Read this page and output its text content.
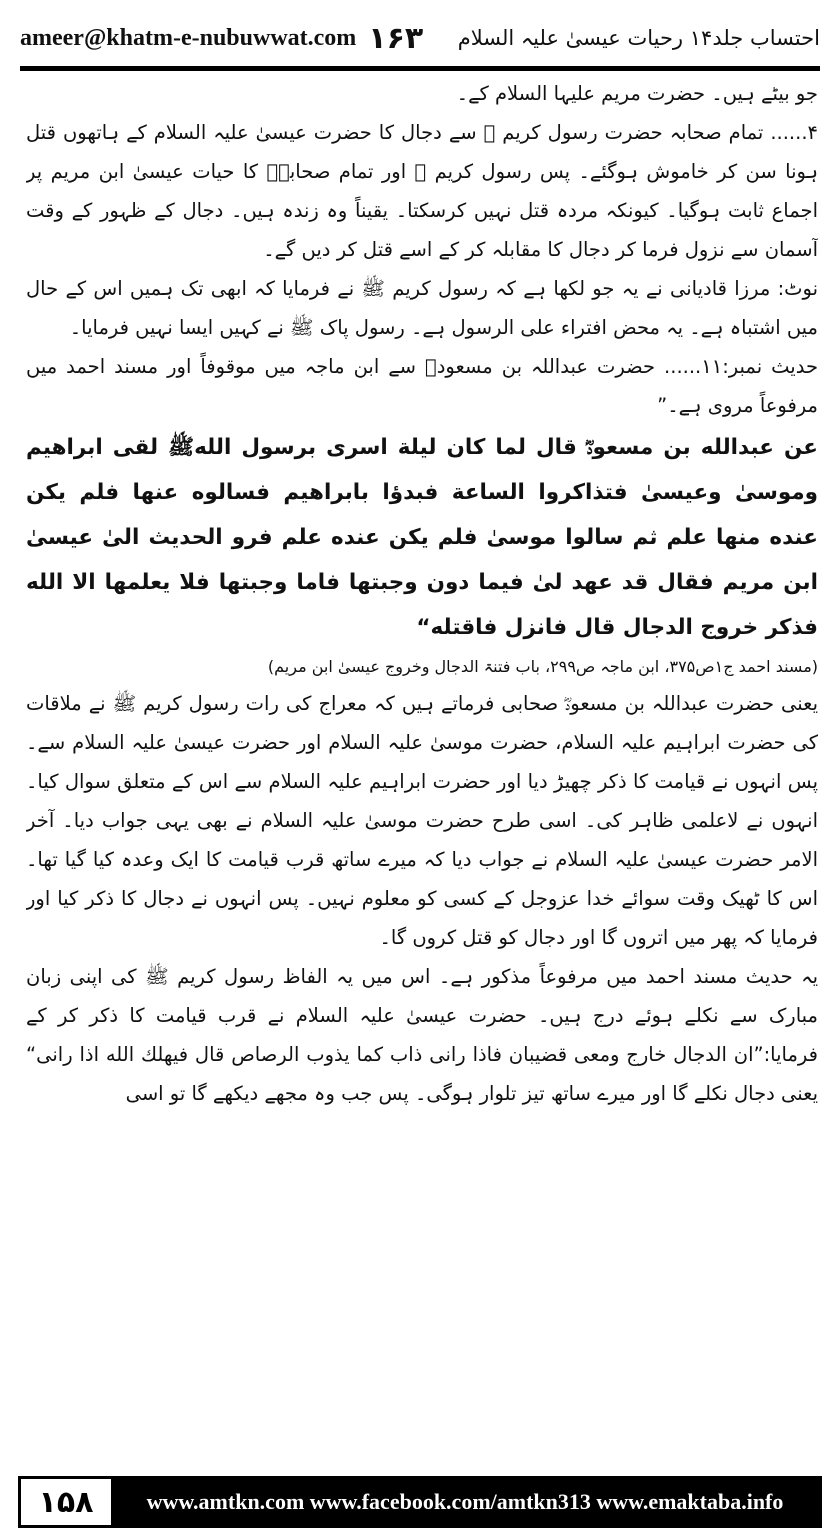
ameer@khatm-e-nubuwwat.com ۱۶۳ احتساب جلد۱۴ رحیات عیسیٰ علیہ السلام

جو بیٹے ہیں۔ حضرت مریم علیہا السلام کے۔

۴...... تمام صحابہ حضرت رسول کریم ﷺ سے دجال کا حضرت عیسیٰ علیہ السلام کے ہاتھوں قتل ہونا سن کر خاموش ہوگئے۔ پس رسول کریم ﷺ اور تمام صحابہؓ کا حیات عیسیٰ ابن مریم پر اجماع ثابت ہوگیا۔ کیونکہ مردہ قتل نہیں کرسکتا۔ یقیناً وہ زندہ ہیں۔ دجال کے ظہور کے وقت آسمان سے نزول فرما کر دجال کا مقابلہ کر کے اسے قتل کر دیں گے۔

نوٹ: مرزا قادیانی نے یہ جو لکھا ہے کہ رسول کریم ﷺ نے فرمایا کہ ابھی تک ہمیں اس کے حال میں اشتباہ ہے۔ یہ محض افتراء علی الرسول ہے۔ رسول پاک ﷺ نے کہیں ایسا نہیں فرمایا۔

حدیث نمبر:۱۱...... حضرت عبداللہ بن مسعودؓ سے ابن ماجہ میں موقوفاً اور مسند احمد میں مرفوعاً مروی ہے۔”

عن عبدالله بن مسعودؓ قال لما كان ليلة اسرى برسول اللهﷺ لقى ابراهيم وموسىٰ وعيسىٰ فتذاكروا الساعة فبدؤا بابراهيم فسالوه عنها فلم يكن عنده منها علم ثم سالوا موسىٰ فلم يكن عنده علم فرو الحديث الىٰ عيسىٰ ابن مريم فقال قد عهد لىٰ فيما دون وجبتها فاما وجبتها فلا يعلمها الا الله فذكر خروج الدجال قال فانزل فاقتله“

(مسند احمد ج۱ص۳۷۵، ابن ماجہ ص۲۹۹، باب فتنۃ الدجال وخروج عیسیٰ ابن مریم)

یعنی حضرت عبداللہ بن مسعودؓ صحابی فرماتے ہیں کہ معراج کی رات رسول کریم ﷺ نے ملاقات کی حضرت ابراہیم علیہ السلام، حضرت موسیٰ علیہ السلام اور حضرت عیسیٰ علیہ السلام سے۔ پس انہوں نے قیامت کا ذکر چھیڑ دیا اور حضرت ابراہیم علیہ السلام سے اس کے متعلق سوال کیا۔ انہوں نے لاعلمی ظاہر کی۔ اسی طرح حضرت موسیٰ علیہ السلام نے بھی یہی جواب دیا۔ آخر الامر حضرت عیسیٰ علیہ السلام نے جواب دیا کہ میرے ساتھ قرب قیامت کا ایک وعدہ کیا گیا تھا۔ اس کا ٹھیک وقت سوائے خدا عزوجل کے کسی کو معلوم نہیں۔ پس انہوں نے دجال کا ذکر کیا اور فرمایا کہ پھر میں اتروں گا اور دجال کو قتل کروں گا۔

یہ حدیث مسند احمد میں مرفوعاً مذکور ہے۔ اس میں یہ الفاظ رسول کریم ﷺ کی اپنی زبان مبارک سے نکلے ہوئے درج ہیں۔ حضرت عیسیٰ علیہ السلام نے قرب قیامت کا ذکر کر کے فرمایا:”ان الدجال خارج ومعی قضیبان فاذا رانی ذاب کما یذوب الرصاص قال فیھلك الله اذا رانی“ یعنی دجال نکلے گا اور میرے ساتھ تیز تلوار ہوگی۔ پس جب وہ مجھے دیکھے گا تو اسی

۱۵۸	www.amtkn.com www.facebook.com/amtkn313 www.emaktaba.info
